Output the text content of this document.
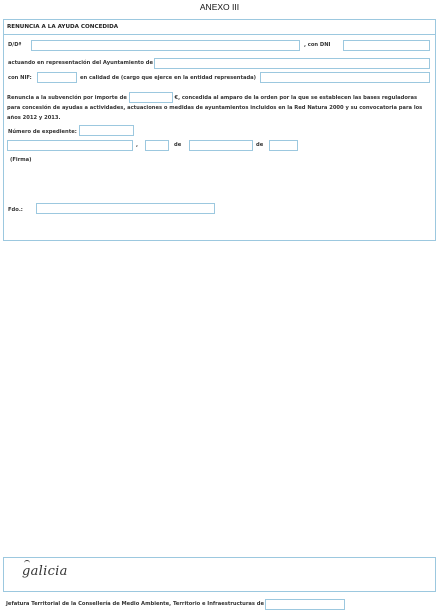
ANEXO III
RENUNCIA A LA AYUDA CONCEDIDA
D/Dª	, con DNI
actuando en representación del Ayuntamiento de
con NIF:	en calidad de (cargo que ejerce en la entidad representada)
Renuncia a la subvención por importe de	€, concedida al amparo de la orden por la que se establecen las bases reguladoras para concesión de ayudas a actividades, actuaciones o medidas de ayuntamientos incluidos en la Red Natura 2000 y su convocatoria para los años 2012 y 2013.
Número de expediente:
,	de	de
(Firma)
Fdo.:
galicia
Jefatura Territorial de la Consellería de Medio Ambiente, Territorio e Infraestructuras de
